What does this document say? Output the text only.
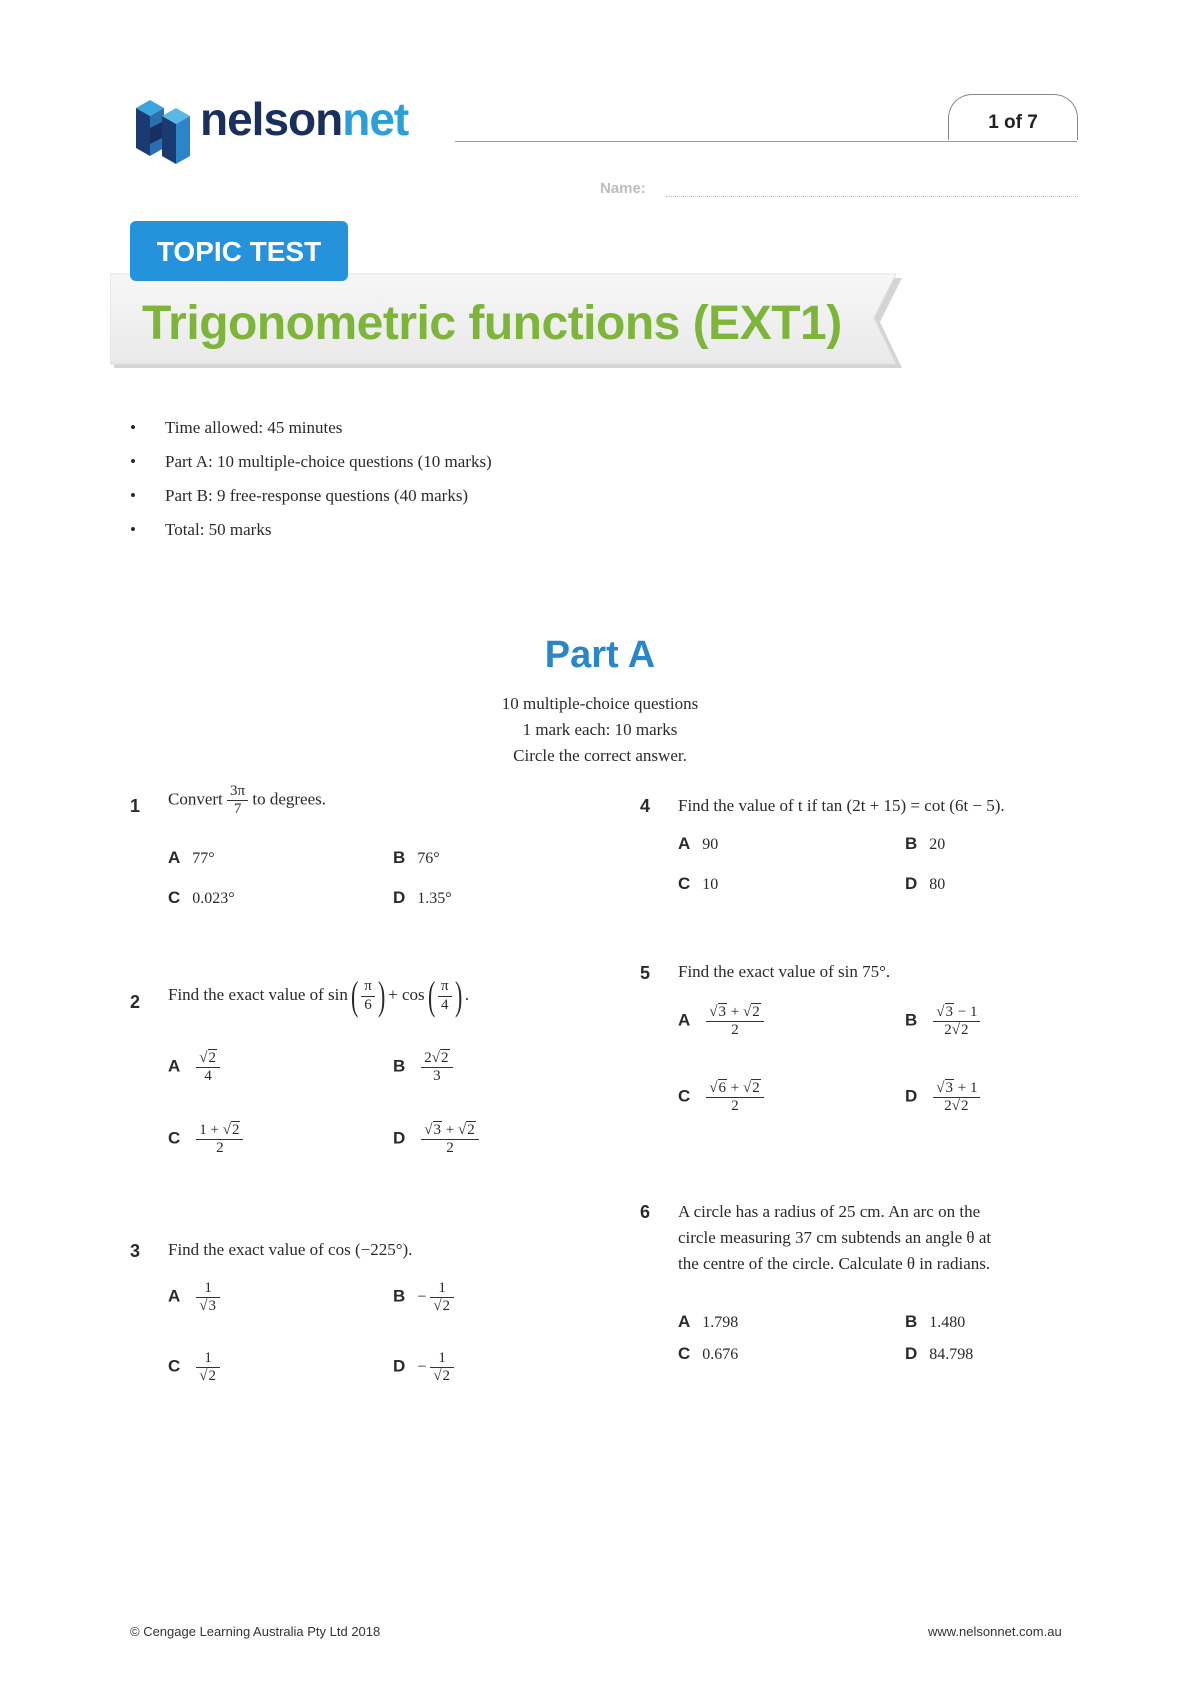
nelsonnet	1 of 7
Name:
TOPIC TEST
Trigonometric functions (EXT1)
• Time allowed: 45 minutes
• Part A: 10 multiple-choice questions (10 marks)
• Part B: 9 free-response questions (40 marks)
• Total: 50 marks
Part A
10 multiple-choice questions
1 mark each: 10 marks
Circle the correct answer.
1 Convert $\frac{3\pi}{7}$ to degrees.
A 77°	B 76°
C 0.023°	D 1.35°
2 Find the exact value of $\sin( \frac{\pi}{6}$ ) + $\cos( \frac{\pi}{4}$ ) .
A $\frac{√2}{4}$	B $\frac{2√2}{3}$
C $\frac{1 + √2}{2}$	D $\frac{√3 + √2}{2}$
3 Find the exact value of cos (−225°).
A $\frac{1}{√3}$	$B - \frac{1}{√2}$
C $\frac{1}{√2}$	$D - \frac{1}{√2}$
4 Find the value of t if tan (2t + 15) = cot (6t − 5).
A 90	B 20
C 10	D 80
5 Find the exact value of sin 75°.
A $\frac{√3 + √2}{2}$	B $\frac{√3 - 1}{2√2}$
C $\frac{√6 + √2}{2}$	D $\frac{√3 + 1}{2√2}$
6 A circle has a radius of 25 cm. An arc on the
circle measuring 37 cm subtends an angle θ at
the centre of the circle. Calculate θ in radians.
A 1.798	B 1.480
C 0.676	D 84.798
© Cengage Learning Australia Pty Ltd 2018	www.nelsonnet.com.au
